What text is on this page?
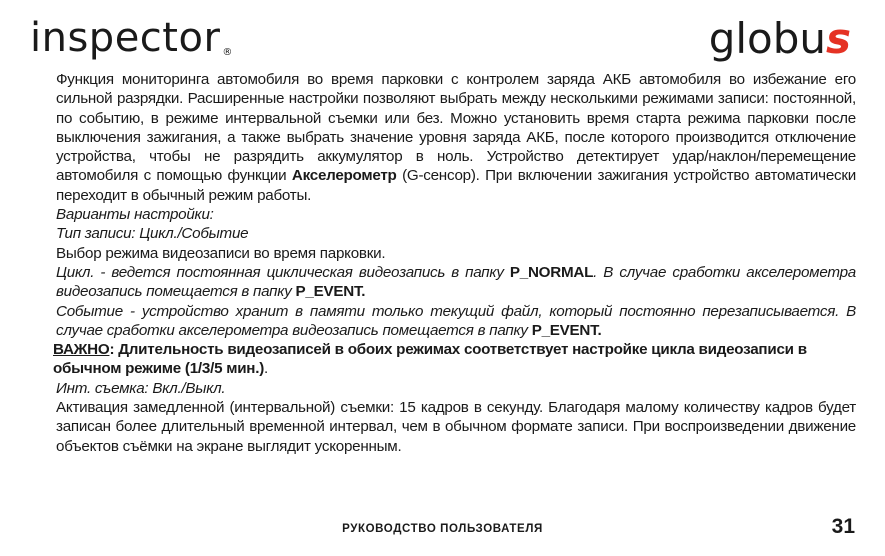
inspector ®	globus

Функция мониторинга автомобиля во время парковки с контролем заряда АКБ автомобиля во избежание его сильной разрядки. Расширенные настройки позволяют выбрать между несколькими режимами записи: постоянной, по событию, в режиме интервальной съемки или без. Можно установить время старта режима парковки после выключения зажигания, а также выбрать значение уровня заряда АКБ, после которого производится отключение устройства, чтобы не разрядить аккумулятор в ноль. Устройство детектирует удар/наклон/перемещение автомобиля с помощью функции Акселерометр (G-сенсор). При включении зажигания устройство автоматически переходит в обычный режим работы.

Варианты настройки:

Тип записи: Цикл./Событие

Выбор режима видеозаписи во время парковки.

Цикл. - ведется постоянная циклическая видеозапись в папку P_NORMAL. В случае сработки акселерометра видеозапись помещается в папку P_EVENT.

Событие - устройство хранит в памяти только текущий файл, который постоянно перезаписывается. В случае сработки акселерометра видеозапись помещается в папку P_EVENT.

ВАЖНО: Длительность видеозаписей в обоих режимах соответствует настройке цикла видеозаписи в обычном режиме (1/3/5 мин.).

Инт. съемка: Вкл./Выкл.

Активация замедленной (интервальной) съемки: 15 кадров в секунду. Благодаря малому количеству кадров будет записан более длительный временной интервал, чем в обычном формате записи. При воспроизведении движение объектов съёмки на экране выглядит ускоренным.

РУКОВОДСТВО ПОЛЬЗОВАТЕЛЯ	31
